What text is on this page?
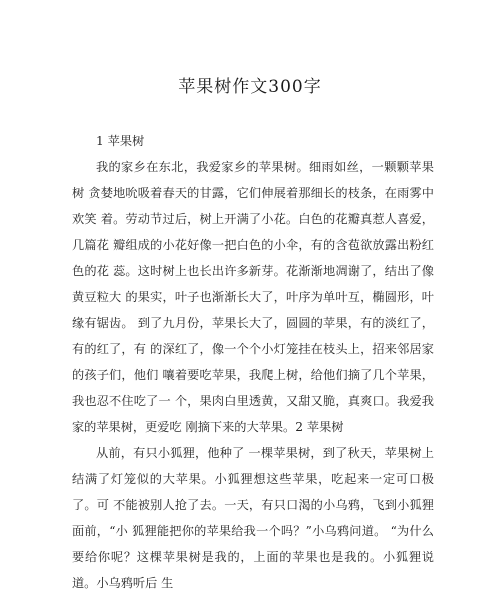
苹果树作文300字
1 苹果树

我的家乡在东北，我爱家乡的苹果树。细雨如丝，一颗颗苹果树 贪婪地吮吸着春天的甘露，它们伸展着那细长的枝条，在雨雾中欢笑 着。劳动节过后，树上开满了小花。白色的花瓣真惹人喜爱，几篇花 瓣组成的小花好像一把白色的小伞，有的含苞欲放露出粉红色的花 蕊。这时树上也长出许多新芽。花渐渐地凋谢了，结出了像黄豆粒大 的果实，叶子也渐渐长大了，叶序为单叶互，椭圆形，叶缘有锯齿。 到了九月份，苹果长大了，圆圆的苹果，有的淡红了，有的红了，有 的深红了，像一个个小灯笼挂在枝头上，招来邻居家的孩子们，他们 嚷着要吃苹果，我爬上树，给他们摘了几个苹果，我也忍不住吃了一 个，果肉白里透黄，又甜又脆，真爽口。我爱我家的苹果树，更爱吃 刚摘下来的大苹果。2 苹果树

从前，有只小狐狸，他种了 一棵苹果树，到了秋天，苹果树上结满了灯笼似的大苹果。小狐狸想这些苹果，吃起来一定可口极了。可 不能被别人抢了去。一天，有只口渴的小乌鸦，飞到小狐狸面前，“小 狐狸能把你的苹果给我一个吗？”小乌鸦问道。 “为什么要给你呢？这棵苹果树是我的，上面的苹果也是我的。小狐狸说道。小乌鸦听后 生
